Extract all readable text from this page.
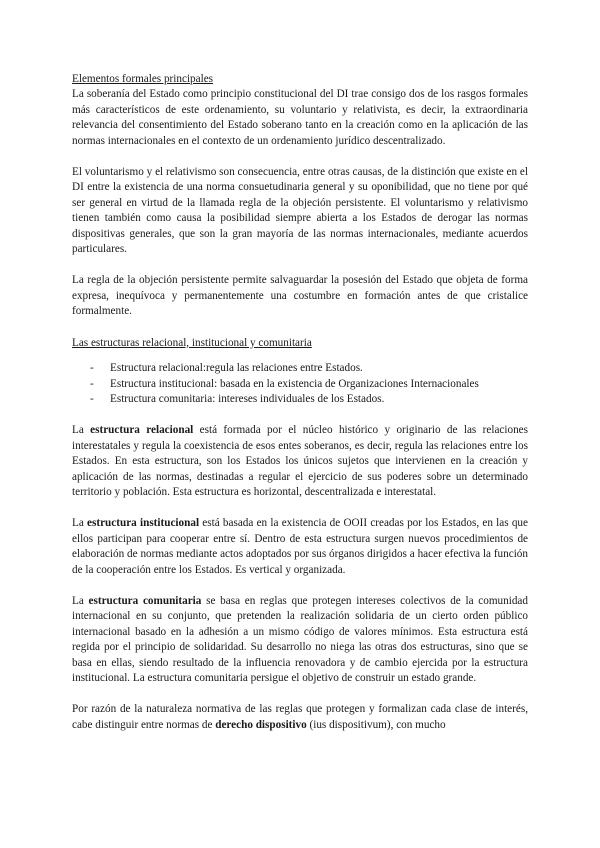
Elementos formales principales

La soberanía del Estado como principio constitucional del DI trae consigo dos de los rasgos formales más característicos de este ordenamiento, su voluntario y relativista, es decir, la extraordinaria relevancia del consentimiento del Estado soberano tanto en la creación como en la aplicación de las normas internacionales en el contexto de un ordenamiento jurídico descentralizado.

El voluntarismo y el relativismo son consecuencia, entre otras causas, de la distinción que existe en el DI entre la existencia de una norma consuetudinaria general y su oponibilidad, que no tiene por qué ser general en virtud de la llamada regla de la objeción persistente. El voluntarismo y relativismo tienen también como causa la posibilidad siempre abierta a los Estados de derogar las normas dispositivas generales, que son la gran mayoría de las normas internacionales, mediante acuerdos particulares.

La regla de la objeción persistente permite salvaguardar la posesión del Estado que objeta de forma expresa, inequívoca y permanentemente una costumbre en formación antes de que cristalice formalmente.

Las estructuras relacional, institucional y comunitaria
- Estructura relacional:regula las relaciones entre Estados.
- Estructura institucional: basada en la existencia de Organizaciones Internacionales
- Estructura comunitaria: intereses individuales de los Estados.

La estructura relacional está formada por el núcleo histórico y originario de las relaciones interestatales y regula la coexistencia de esos entes soberanos, es decir, regula las relaciones entre los Estados. En esta estructura, son los Estados los únicos sujetos que intervienen en la creación y aplicación de las normas, destinadas a regular el ejercicio de sus poderes sobre un determinado territorio y población. Esta estructura es horizontal, descentralizada e interestatal.

La estructura institucional está basada en la existencia de OOII creadas por los Estados, en las que ellos participan para cooperar entre sí. Dentro de esta estructura surgen nuevos procedimientos de elaboración de normas mediante actos adoptados por sus órganos dirigidos a hacer efectiva la función de la cooperación entre los Estados. Es vertical y organizada.

La estructura comunitaria se basa en reglas que protegen intereses colectivos de la comunidad internacional en su conjunto, que pretenden la realización solidaria de un cierto orden público internacional basado en la adhesión a un mismo código de valores mínimos. Esta estructura está regida por el principio de solidaridad. Su desarrollo no niega las otras dos estructuras, sino que se basa en ellas, siendo resultado de la influencia renovadora y de cambio ejercida por la estructura institucional. La estructura comunitaria persigue el objetivo de construir un estado grande.

Por razón de la naturaleza normativa de las reglas que protegen y formalizan cada clase de interés, cabe distinguir entre normas de derecho dispositivo (ius dispositivum), con mucho
